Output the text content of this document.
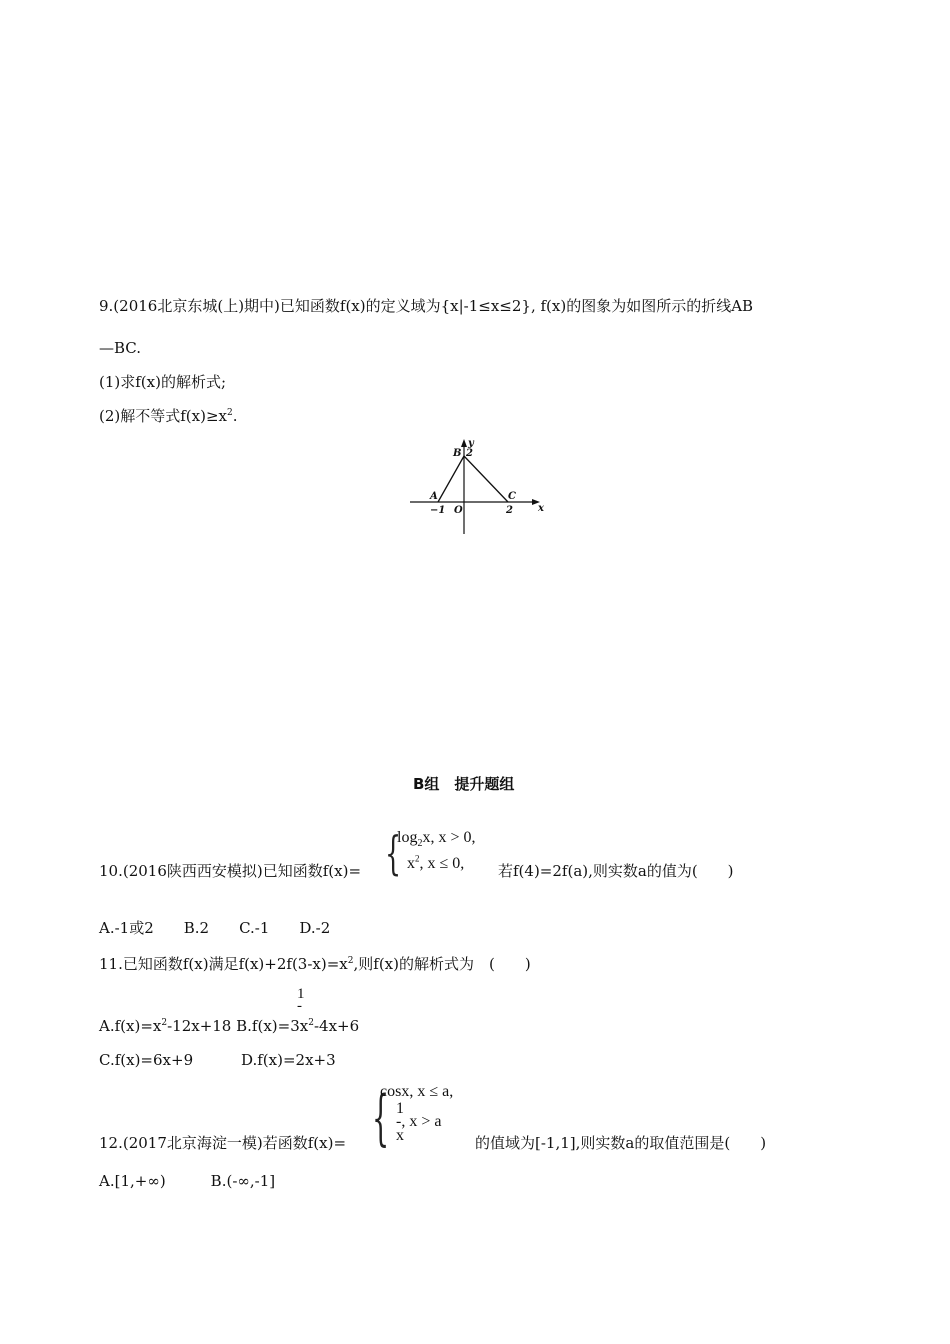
9.(2016北京东城(上)期中)已知函数f(x)的定义域为{x|-1≤x≤2}, f(x)的图象为如图所示的折线AB
—BC.
(1)求f(x)的解析式;
(2)解不等式$f(x)\ge x^2$.
y
x
B 2
A
−1 O
C
2
B组　提升题组
{
$\log_2x$, x > 0,
$x^2$, x ≤ 0,
10.(2016陕西西安模拟)已知函数f(x)=	若f(4)=2f(a),则实数a的值为(　　)
A.-1或2　　B.2　　C.-1　　D.-2
11.已知函数f(x)满足$f(x)+2f(3-x)=x^2$,则f(x)的解析式为　(　　)
1
-
$A.f(x)=x^2-12x+18$ $B.f(x)=3x^2-4x+6$
C.f(x)=6x+9	D.f(x)=2x+3
{
cosx, x ≤ a,
1
-, x > a
x
12.(2017北京海淀一模)若函数f(x)=	的值域为[-1,1],则实数a的取值范围是(　　)
A.[1,+∞)　　　B.(-∞,-1]
